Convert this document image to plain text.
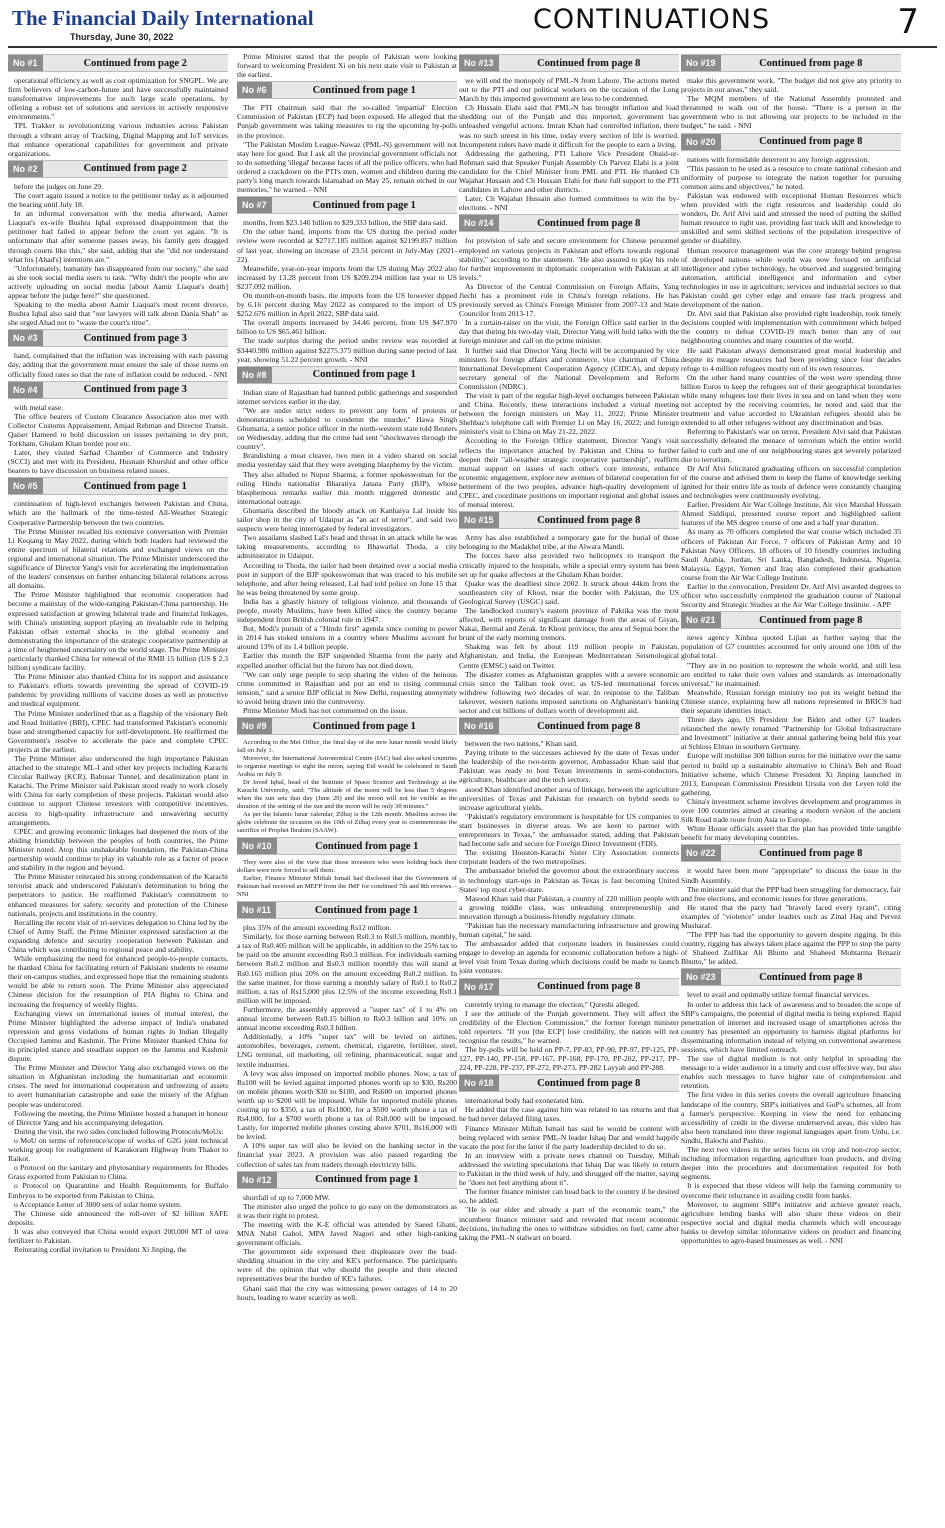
The Financial Daily International
Thursday, June 30, 2022
CONTINUATIONS	7
No #1	Continued from page 2

operational efficiency as well as cost optimization for SNGPL. We are firm believers of low-carbon-future and have successfully maintained transformative improvements for such large scale operations, by offering a robust set of solutions and services in actively responsive environments."

TPL Trakker is revolutionizing various industries across Pakistan through a vibrant array of Tracking, Digital Mapping and IoT services that enhance operational capabilities for government and private organizations.

No #2	Continued from page 2

before the judges on June 29.

The court again issued a notice to the petitioner today as it adjourned the hearing until July 18.

In an informal conversation with the media afterward, Aamer Liaquat's ex-wife Bushra Iqbal expressed disappointment that the petitioner had failed to appear before the court yet again. "It is unfortunate that after someone passes away, his family gets dragged through courts like this," she said, adding that she "did not understand what his [Ahad's] intentions are."

"Unfortunately, humanity has disappeared from our society," she said as she took social media users to task. "Why didn't the people who are actively uploading on social media [about Aamir Liaquat's death] appear before the judge here?" she questioned.

Speaking to the media about Aamir Liaquat's most recent divorce, Bushra Iqbal also said that "our lawyers will talk about Dania Shah" as she urged Ahad not to "waste the court's time".

No #3	Continued from page 3

hand, complained that the inflation was increasing with each passing day, adding that the government must ensure the sale of those items on officially fixed rates so that the rate of inflation could be reduced. - NNI

No #4	Continued from page 3

with metal ease.

The office bearers of Custom Clearance Association also met with Collector Customs Appraisement, Amjad Rehman and Director Transit, Qaiser Hameed to hold discussion on issues pertaining to dry port, Torkham, Ghulam Khan border post etc.

Later, they visited Sarhad Chamber of Commerce and Industry (SCCI) and met with its President, Husnain Khurshid and other office bearers to have discussion on business related issues.

No #5	Continued from page 1

continuation of high-level exchanges between Pakistan and China, which are the hallmark of the time-tested All-Weather Strategic Cooperative Partnership between the two countries.

The Prime Minister recalled his extensive conversation with Premier Li Keqiang in May 2022, during which both leaders had reviewed the entire spectrum of bilateral relations and exchanged views on the regional and international situation. The Prime Minister underscored the significance of Director Yang's visit for accelerating the implementation of the leaders' consensus on further enhancing bilateral relations across all domains.

The Prime Minister highlighted that economic cooperation had become a mainstay of the wide-ranging Pakistan-China partnership. He expressed satisfaction at growing bilateral trade and financial linkages, with China's unstinting support playing an invaluable role in helping Pakistan offset external shocks to the global economy and demonstrating the importance of the strategic cooperative partnership at a time of heightened uncertainty on the world stage. The Prime Minister particularly thanked China for renewal of the RMB 15 billion (US $ 2.3 billion) syndicate facility.

The Prime Minister also thanked China for its support and assistance to Pakistan's efforts towards preventing the spread of COVID-19 pandemic by providing millions of vaccine doses as well as protective and medical equipment.

The Prime Minister underlined that as a flagship of the visionary Belt and Road Initiative (BRI), CPEC had transformed Pakistan's economic base and strengthened capacity for self-development. He reaffirmed the Government's resolve to accelerate the pace and complete CPEC projects at the earliest.

The Prime Minister also underscored the high importance Pakistan attached to the strategic ML-I and other key projects including Karachi Circular Railway (KCR), Babusar Tunnel, and desalinization plant in Karachi. The Prime Minister said Pakistan stood ready to work closely with China for early completion of these projects. Pakistan would also continue to support Chinese investors with competitive incentives, access to high-quality infrastructure and unwavering security arrangements.

CPEC and growing economic linkages had deepened the roots of the abiding friendship between the peoples of both countries, the Prime Minister noted. Atop this unshakeable foundation, the Pakistan-China partnership would continue to play its valuable role as a factor of peace and stability in the region and beyond.

The Prime Minister reiterated his strong condemnation of the Karachi terrorist attack and underscored Pakistan's determination to bring the perpetrators to justice. He reaffirmed Pakistan's commitment to enhanced measures for safety, security and protection of the Chinese nationals, projects and institutions in the country.

Recalling the recent visit of tri-services delegation to China led by the Chief of Army Staff, the Prime Minister expressed satisfaction at the expanding defence and security cooperation between Pakistan and China which was contributing to regional peace and stability.

While emphasizing the need for enhanced people-to-people contacts, he thanked China for facilitating return of Pakistani students to resume their on-campus studies, and expressed hope that the remaining students would be able to return soon. The Prime Minister also appreciated Chinese decision for the resumption of PIA flights to China and increasing the frequency of weekly flights.

Exchanging views on international issues of mutual interest, the Prime Minister highlighted the adverse impact of India's unabated repression and gross violations of human rights in Indian Illegally Occupied Jammu and Kashmir. The Prime Minister thanked China for its principled stance and steadfast support on the Jammu and Kashmir dispute.

The Prime Minister and Director Yang also exchanged views on the situation in Afghanistan including the humanitarian and economic crises. The need for international cooperation and unfreezing of assets to avert humanitarian catastrophe and ease the misery of the Afghan people was underscored.

Following the meeting, the Prime Minister hosted a banquet in honour of Director Yang and his accompanying delegation.

During the visit, the two sides concluded following Protocols/MoUs:

o MoU on terms of reference/scope of works of G2G joint technical working group for realignment of Karakoram Highway from Thakot to Raikot.

o Protocol on the sanitary and phytosanitary requirements for Rhodes Grass exported from Pakistan to China.

o Protocol on Quarantine and Health Requirements for Buffalo Embryos to be exported from Pakistan to China.

o Acceptance Letter of 3000 sets of solar home system.

The Chinese side announced the roll-over of $2 billion SAFE deposits.

It was also conveyed that China would export 200,000 MT of urea fertilizer to Pakistan.

Reiterating cordial invitation to President Xi Jinping, the

Prime Minister stated that the people of Pakistan were looking forward to welcoming President Xi on his next state visit to Pakistan at the earliest.

No #6	Continued from page 1

The PTI chairman said that the so-called 'impartial' Election Commission of Pakistan (ECP) had been exposed. He alleged that the Punjab government was taking measures to rig the upcoming by-polls in the province.

"The Pakistan Muslim League-Nawaz (PML-N) government will not stay here for good. But I ask all the provincial government officials not to do something 'illegal' because faces of all the police officers, who had ordered a crackdown on the PTI's men, women and children during the party's long march towards Islamabad on May 25, remain etched in our memories," he warned. - NNI

No #7	Continued from page 1

months, from $23.146 billion to $29.333 billion, the SBP data said.

On the other hand, imports from the US during the period under review were recorded at $2717.185 million against $2199.857 million of last year, showing an increase of 23.51 percent in July-May (2021-22).

Meanwhile, year-on-year imports from the US during May 2022 also increased by 13.28 percent from US $209.294 million last year to US $237.092 million.

On month-on-month basis, the imports from the US however dipped by 6.16 percent during May 2022 as compared to the import of US $252.676 million in April 2022, SBP data said.

The overall imports increased by 34.46 percent, from US $47.970 billion to US $65.461 billion.

The trade surplus during the period under review was recorded at $3440.986 million against $2275.375 million during same period of last year, showing 51.22 percent growth. - NNI

No #8	Continued from page 1

Indian state of Rajasthan had banned public gatherings and suspended internet services earlier in the day.

"We are under strict orders to prevent any form of protests or demonstrations scheduled to condemn the murder," Hawa Singh Ghumaria, a senior police officer in the north-western state told Reuters on Wednesday, adding that the crime had sent "shockwaves through the country".

Brandishing a meat cleaver, two men in a video shared on social media yesterday said that they were avenging blasphemy by the victim.

They also alluded to Nupur Sharma, a former spokeswoman for the ruling Hindu nationalist Bharatiya Janata Party (BJP), whose blasphemous remarks earlier this month triggered domestic and international outrage.

Ghumaria described the bloody attack on Kanhaiya Lal inside his tailor shop in the city of Udaipur as "an act of terror", and said two suspects were being interrogated by federal investigators.

Two assailants slashed Lal's head and throat in an attack while he was taking measurements, according to Bhawarlal Thoda, a city administrator in Udaipur.

According to Thoda, the tailor had been detained over a social media post in support of the BJP spokeswoman that was traced to his mobile telephone, and after being released, Lal had told police on June 15 that he was being threatened by some group.

India has a ghastly history of religious violence, and thousands of people, mostly Muslims, have been killed since the country became independent from British colonial rule in 1947.

But, Modi's pursuit of a "Hindu first" agenda since coming to power in 2014 has stoked tensions in a country where Muslims account for around 13% of its 1.4 billion people.

Earlier this month the BJP suspended Sharma from the party and expelled another official but the furore has not died down.

"We can only urge people to stop sharing the video of the heinous crime committed in Rajasthan and put an end to rising communal tension," said a senior BJP official in New Delhi, requesting anonymity to avoid being drawn into the controversy.

Prime Minister Modi has not commented on the issue.

No #9	Continued from page 1

According to the Met Office, the final day of the new lunar month would likely fall on July 1.

Moreover, the International Astronomical Centre (IAC) had also asked countries to organise meetings to sight the moon, saying Eid would be celebrated in Saudi Arabia on July 9.

Dr Javed Iqbal, head of the Institute of Space Science and Technology at the Karachi University, said: "The altitude of the moon will be less than 5 degrees when the sun sets that day (June 29) and the moon will not be visible as the duration of the setting of the sun and the moon will be only 30 minutes."

As per the Islamic lunar calendar, Zilhaj is the 12th month. Muslims across the globe celebrate the occasion on the 10th of Zilhaj every year to commemorate the sacrifice of Prophet Ibrahim (SAAW).

No #10	Continued from page 1

They were also of the view that those investors who were holding back their dollars were now forced to sell them.

Earlier, Finance Minister Miftah Ismail had disclosed that the Government of Pakistan had received an MEFP from the IMF for combined 7th and 8th reviews. - NNI

No #11	Continued from page 1

plus 35% of the amount exceeding Rs12 million.

Similarly, for those earning between Rs0.3 to Rs0.5 million, monthly, a tax of Rs0.405 million will be applicable, in addition to the 25% tax to be paid on the amount exceeding Rs0.3 million. For individuals earning between Rs0.2 million and Rs0.3 million monthly this will stand at Rs0.165 million plus 20% on the amount exceeding Rs0.2 million. In the same manner, for those earning a monthly salary of Rs0.1 to Rs0.2 million, a tax of Rs15,000 plus 12.5% of the income exceeding Rs0.1 million will be imposed.

Furthermore, the assembly approved a "super tax" of 1 to 4% on annual income between Rs0.15 billion to Rs0.3 billion and 10% on annual income exceeding Rs0.3 billion.

Additionally, a 10% "super tax" will be levied on airlines, automobiles, beverages, cement, chemical, cigarette, fertiliser, steel, LNG terminal, oil marketing, oil refining, pharmaceutical, sugar and textile industries.

A levy was also imposed on imported mobile phones. Now, a tax of Rs100 will be levied against imported phones worth up to $30, Rs200 on mobile phones worth $30 to $100, and Rs600 on imported phones worth up to $200 will be imposed. While for imported mobile phones costing up to $350, a tax of Rs1800, for a $500 worth phone a tax of Rs4,000, for a $700 worth phone a tax of Rs8,000 will be imposed. Lastly, for imported mobile phones costing above $701, Rs16,000 will be levied.

A 10% super tax will also be levied on the banking sector in the financial year 2023. A provision was also passed regarding the collection of sales tax from traders through electricity bills.

No #12	Continued from page 1

shortfall of up to 7,000 MW.

The minister also urged the police to go easy on the demonstrators as it was their right to protest.

The meeting with the K-E official was attended by Saeed Ghani, MNA Nabil Gabol, MPA Javed Nagori and other high-ranking government officials.

The government side expressed their displeasure over the load-shedding situation in the city and KE's performance. The participants were of the opinion that why should the people and their elected representatives bear the burden of KE's failures.

Ghani said that the city was witnessing power outages of 14 to 20 hours, leading to water scarcity as well.

No #13	Continued from page 8

we will end the monopoly of PML-N from Lahore. The actions meted out to the PTI and our political workers on the occasion of the Long March by this imported government are less to be condemned.

Ch Hussain Elahi said that PML-N has brought inflation and load shedding out of the Punjab and this imported, government has unleashed vengeful actions. Imran Khan had controlled inflation, there was no such unrest in his time, today every section of life is worried. Incompetent rulers have made it difficult for the people to earn a living.

Addressing the gathering, PTI Lahore Vice President Obaid-ur-Rehman said that Speaker Punjab Assembly Ch Parvez Elahi is a joint candidate for the Chief Minister from PML and PTI. He thanked Ch Wajahat Hussain and Ch Hussain Elahi for their full support to the PTI candidates in Lahore and other districts.

Later, Ch Wajahat Hussain also formed committees to win the by-elections. - NNI

No #14	Continued from page 8

for provision of safe and secure environment for Chinese personnel employed on various projects in Pakistan and efforts towards regional stability," according to the statement. "He also assured to play his role for further improvement in diplomatic cooperation with Pakistan at all levels."

As Director of the Central Commission on Foreign Affairs, Yang Jiechi has a prominent role in China's foreign relations. He has previously served as China's Foreign Minister from 2007-13 and State Councilor from 2013-17.

In a curtain-raiser on the visit, the Foreign Office said earlier in the day that during his two-day visit, Director Yang will hold talks with the foreign minister and call on the prime minister.

It further said that Director Yang Jiechi will be accompanied by vice ministers for foreign affairs and commerce, vice chairman of China International Development Cooperation Agency (CIDCA), and deputy secretary general of the National Development and Reform Commission (NDRC).

The visit is part of the regular high-level exchanges between Pakistan and China. Recently, these interactions included a virtual meeting between the foreign ministers on May 11, 2022; Prime Minister Shehbaz's telephone call with Premier Li on May 16, 2022; and foreign minister's visit to China on May 21-22, 2022.

According to the Foreign Office statement, Director Yang's visit reflects the importance attached by Pakistan and China to further deepen their "all-weather strategic cooperative partnership", reaffirm mutual support on issues of each other's core interests, enhance economic engagement, explore new avenues of bilateral cooperation for betterment of the two peoples, advance high-quality development of CPEC, and coordinate positions on important regional and global issues of mutual interest.

No #15	Continued from page 8

Army has also established a temporary gate for the burial of those belonging to the Madakhel tribe, at the Alwara Mandi.

The forces have also provided two helicopters to transport the critically injured to the hospitals, while a special entry system has been set up for quake affectees at the Ghulam Khan border.

Quake was the deadliest since 2002. It struck about 44km from the southeastern city of Khost, near the border with Pakistan, the US Geological Survey (USGC) said.

The landlocked country's eastern province of Paktika was the most affected, with reports of significant damage from the areas of Giyan, Nakai, Bermal and Zerak. In Khost province, the area of Seprai bore the brunt of the early morning tremors.

Shaking was felt by about 119 million people in Pakistan, Afghanistan, and India, the European Mediterranean Seismological Centre (EMSC) said on Twitter.

The disaster comes as Afghanistan grapples with a severe economic crisis since the Taliban took over, as US-led international forces withdrew following two decades of war. In response to the Taliban takeover, western nations imposed sanctions on Afghanistan's banking sector and cut billions of dollars worth of development aid.

No #16	Continued from page 8

between the two nations," Khan said.

Paying tribute to the successes achieved by the state of Texas under the leadership of the two-term governor, Ambassador Khan said that Pakistan was ready to host Texan investments in semi-conductors, agriculture, healthcare and the tech sectors.

asood Khan identified another area of linkage, between the agriculture universities of Texas and Pakistan for research on hybrid seeds to increase agricultural yields.

"Pakistan's regulatory environment is hospitable for US companies to start businesses in diverse areas. We are keen to partner with entrepreneurs in Texas," the ambassador stated, adding that Pakistan had become safe and secure for Foreign Direct Investment (FDI).

The existing Houston-Karachi Sister City Association connects corporate leaders of the two metropolises.

The ambassador briefed the governor about the extraordinary success in technology start-ups in Pakistan as Texas is fast becoming United States' top most cyber-state.

Masood Khan said that Pakistan, a country of 220 million people with a growing middle class, was unleashing entrepreneurship and innovation through a business-friendly regulatory climate.

"Pakistan has the necessary manufacturing infrastructure and growing human capital," he said.

The ambassador added that corporate leaders in businesses could engage to develop an agenda for economic collaboration before a high-level visit from Texas during which decisions could be made to launch joint ventures.

No #17	Continued from page 8

currently trying to manage the election," Qureshi alleged.

I see the attitude of the Punjab government. They will affect the credibility of the Election Commission," the former foreign minister told reporters. "If you [the ECP] lose credibility, the nation will not recognise the results," he warned.

The by-polls will be held on PP-7, PP-83, PP-90, PP-97, PP-125, PP-127, PP-140, PP-158, PP-167, PP-168, PP-170, PP-202, PP-217, PP-224, PP-228, PP-237, PP-272, PP-273, PP-282 Layyah and PP-288.

No #18	Continued from page 8

international body had exonerated him.

He added that the case against him was related to tax returns and that he had never delayed filing taxes.

Finance Minister Miftah Ismail has said he would be content with being replaced with senior PML-N leader Ishaq Dar and would happily vacate the post for the latter if the party leadership decided to do so.

In an interview with a private news channel on Tuesday, Miftah addressed the swirling speculations that Ishaq Dar was likely to return to Pakistan in the third week of July, and shrugged off the matter, saying he "does not feel anything about it".

The former finance minister can head back to the country if he desired so, he added.

"He is our elder and already a part of the economic team," the incumbent finance minister said and revealed that recent economic decisions, including the ones to withdraw subsidies on fuel, came after taking the PML-N stalwart on board.

No #19	Continued from page 8

make this government work. "The budget did not give any priority to projects in our areas," they said.

The MQM members of the National Assembly protested and threatened to walk out of the house. "There is a person in the government who is not allowing our projects to be included in the budget," he said. - NNI

No #20	Continued from page 8

nations with formidable deterrent to any foreign aggression.

"This passion to be used as a resource to create national cohesion and uniformity of purpose to integrate the nation together for pursuing common aims and objectives," he noted.

Pakistan was endowed with exceptional Human Resources which when provided with the right resources and leadership could do wonders, Dr. Arif Alvi said and stressed the need of putting the skilled human resource to right use, providing fast track skill and knowledge to unskilled and semi skilled sections of the population irrespective of gender or disability.

Human resource management was the core strategy behind progress of developed nations while world was now focused on artificial intelligence and cyber technology, he observed and suggested bringing automation, artificial intelligence and information and cyber technologies in use in agriculture, services and industrial sectors so that Pakistan could get cyber edge and ensure fast track progress and development of the nation.

Dr. Alvi said that Pakistan also provided right leadership, took timely decisions coupled with implementation with commitment which helped the country to defeat COVID-19 much better than any of our neighbouring countries and many countries of the world.

He said Pakistan always demonstrated great moral leadership and despite its meagre resources had been providing since four decades refuge to 4 million refugees mostly out of its own resources.

On the other hand many countries of the west were spending three billion Euros to keep the refugees out of their geographical boundaries while many refugees lost their lives in sea and on land when they were not accepted by the receiving countries, he noted and said that the treatment and value accorded to Ukrainian refugees should also be extended to all other refugees without any discrimination and bias.

Referring to Pakistan's war on terror, President Alvi said that Pakistan successfully defeated the menace of terrorism which the entire world failed to curb and one of our neighbouring states got severely polarized due to terrorism.

Dr Arif Alvi felicitated graduating officers on successful completion of the course and advised them to keep the flame of knowledge seeking ignited for their entire life as tools of defence were constantly changing and technologies were continuously evolving.

Earlier, President Air War College Institute, Air vice Marshal Hussain Ahmed Siddiqui, presented course report and highlighted salient features of the MS degree course of one and a half year duration.

As many as 70 officers completed the war course which included 35 officers of Pakistan Air Force, 7 officers of Pakistan Army and 10 Pakistan Navy Officers. 18 officers of 10 friendly countries including Saudi Arabia, Jordan, Sri Lanka, Bangladesh, Indonesia, Nigeria, Malaysia, Egypt, Yemen and Iraq also completed their graduation course from the Air War College Institute.

Earlier in the convocation, President Dr. Arif Alvi awarded degrees to officer who successfully completed the graduation course of National Security and Strategic Studies at the Air War College Institute. - APP

No #21	Continued from page 8

news agency Xinhua quoted Lijian as further saying that the population of G7 countries accounted for only around one 10th of the global total.

"They are in no position to represent the whole world, and still less are entitled to take their own values and standards as internationally universal," he maintained.

Meanwhile, Russian foreign ministry too put its weight behind the Chinese stance, explaining how all nations represented in BRICS had their separate identities intact.

Three days ago, US President Joe Biden and other G7 leaders relaunched the newly renamed "Partnership for Global Infrastructure and Investment" initiative at their annual gathering being held this year at Schloss Elmau in southern Germany.

Europe will mobilise 300 billion euros for the initiative over the same period to build up a sustainable alternative to China's Belt and Road Initiative scheme, which Chinese President Xi Jinping launched in 2013, European Commission President Ursula von der Leyen told the gathering.

China's investment scheme involves development and programmes in over 100 countries aimed at creating a modern version of the ancient Silk Road trade route from Asia to Europe.

White House officials assert that the plan has provided little tangible benefit for many developing countries.

No #22	Continued from page 8

it would have been more "appropriate" to discuss the issue in the Sindh Assembly.

The minister said that the PPP had been struggling for democracy, fair and free elections, and economic issues for three generations.

He stated that the party had "bravely faced every tyrant", citing examples of "violence" under leaders such as Zinal Haq and Pervez Musharaf.

"The PPP has had the opportunity to govern despite rigging. In this country, rigging has always taken place against the PPP to stop the party of Shaheed Zulfikar Ali Bhutto and Shaheed Mohtarma Benazir Bhutto," he added.

No #23	Continued from page 8

level to avail and optimally utilize formal financial services.

In order to address this lack of awareness and to broaden the scope of SBP's campaigns, the potential of digital media is being explored. Rapid penetration of internet and increased usage of smartphones across the country has presented an opportunity to harness digital platforms for disseminating information instead of relying on conventional awareness sessions, which have limited outreach.

The use of digital medium is not only helpful in spreading the message to a wider audience in a timely and cost effective way, but also enables such messages to have higher rate of comprehension and retention.

The first video in this series covers the overall agriculture financing landscape of the country, SBP's initiatives and GoP's schemes, all from a farmer's perspective. Keeping in view the need for enhancing accessibility of credit in the diverse underserved areas, this video has also been translated into three regional languages apart from Urdu, i.e. Sindhi, Balochi and Pashto.

The next two videos in the series focus on crop and non-crop sector, including information regarding agriculture loan products, and diving deeper into the procedures and documentation required for both segments.

It is expected that these videos will help the farming community to overcome their reluctance in availing credit from banks.

Moreover, to augment SBP's initiative and achieve greater reach, agriculture lending banks will also share these videos on their respective social and digital media channels which will encourage banks to develop similar informative videos on product and financing opportunities to agro-based businesses as well. - NNI
